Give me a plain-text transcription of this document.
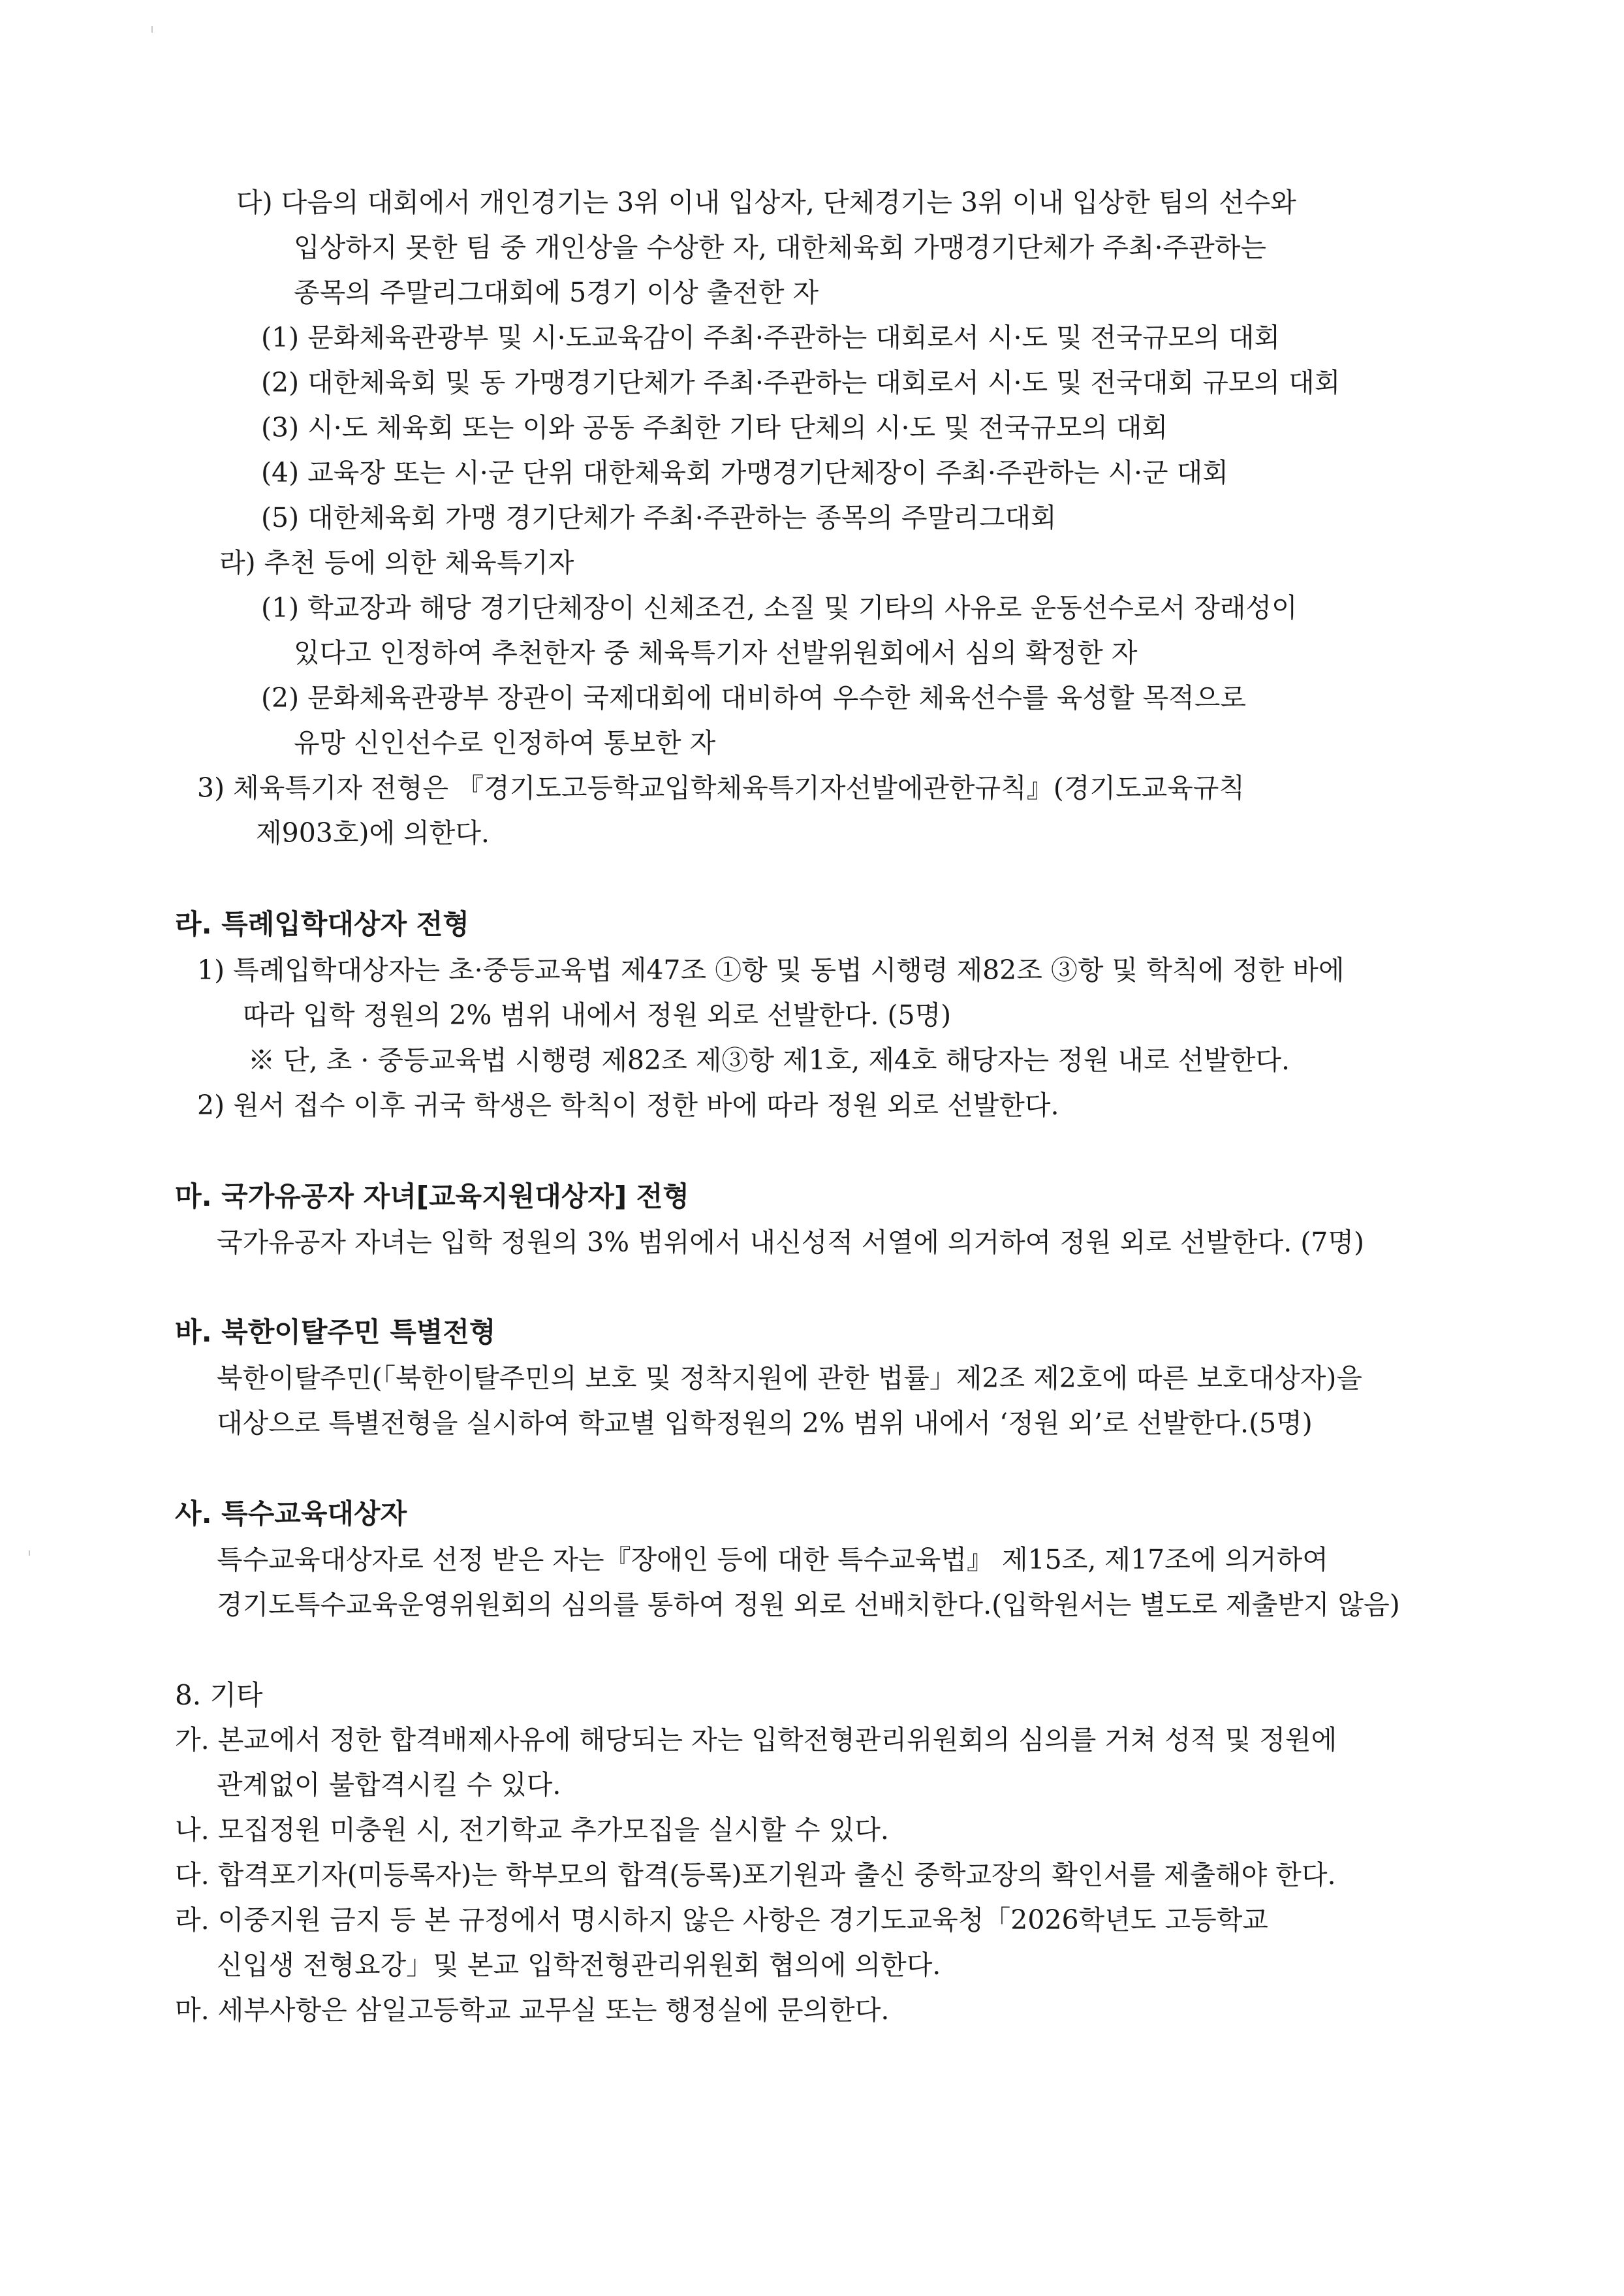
다) 다음의 대회에서 개인경기는 3위 이내 입상자, 단체경기는 3위 이내 입상한 팀의 선수와
입상하지 못한 팀 중 개인상을 수상한 자, 대한체육회 가맹경기단체가 주최·주관하는
종목의 주말리그대회에 5경기 이상 출전한 자
(1) 문화체육관광부 및 시·도교육감이 주최·주관하는 대회로서 시·도 및 전국규모의 대회
(2) 대한체육회 및 동 가맹경기단체가 주최·주관하는 대회로서 시·도 및 전국대회 규모의 대회
(3) 시·도 체육회 또는 이와 공동 주최한 기타 단체의 시·도 및 전국규모의 대회
(4) 교육장 또는 시·군 단위 대한체육회 가맹경기단체장이 주최·주관하는 시·군 대회
(5) 대한체육회 가맹 경기단체가 주최·주관하는 종목의 주말리그대회
라) 추천 등에 의한 체육특기자
(1) 학교장과 해당 경기단체장이 신체조건, 소질 및 기타의 사유로 운동선수로서 장래성이
있다고 인정하여 추천한자 중 체육특기자 선발위원회에서 심의 확정한 자
(2) 문화체육관광부 장관이 국제대회에 대비하여 우수한 체육선수를 육성할 목적으로
유망 신인선수로 인정하여 통보한 자
3) 체육특기자 전형은 『경기도고등학교입학체육특기자선발에관한규칙』(경기도교육규칙
제903호)에 의한다.
라. 특례입학대상자 전형
1) 특례입학대상자는 초·중등교육법 제47조 ①항 및 동법 시행령 제82조 ③항 및 학칙에 정한 바에
따라 입학 정원의 2% 범위 내에서 정원 외로 선발한다. (5명)
※ 단, 초 · 중등교육법 시행령 제82조 제③항 제1호, 제4호 해당자는 정원 내로 선발한다.
2) 원서 접수 이후 귀국 학생은 학칙이 정한 바에 따라 정원 외로 선발한다.
마. 국가유공자 자녀[교육지원대상자] 전형
국가유공자 자녀는 입학 정원의 3% 범위에서 내신성적 서열에 의거하여 정원 외로 선발한다. (7명)
바. 북한이탈주민 특별전형
북한이탈주민(「북한이탈주민의 보호 및 정착지원에 관한 법률」제2조 제2호에 따른 보호대상자)을
대상으로 특별전형을 실시하여 학교별 입학정원의 2% 범위 내에서 ‘정원 외’로 선발한다.(5명)
사. 특수교육대상자
특수교육대상자로 선정 받은 자는『장애인 등에 대한 특수교육법』 제15조, 제17조에 의거하여
경기도특수교육운영위원회의 심의를 통하여 정원 외로 선배치한다.(입학원서는 별도로 제출받지 않음)
8. 기타
가. 본교에서 정한 합격배제사유에 해당되는 자는 입학전형관리위원회의 심의를 거쳐 성적 및 정원에
관계없이 불합격시킬 수 있다.
나. 모집정원 미충원 시, 전기학교 추가모집을 실시할 수 있다.
다. 합격포기자(미등록자)는 학부모의 합격(등록)포기원과 출신 중학교장의 확인서를 제출해야 한다.
라. 이중지원 금지 등 본 규정에서 명시하지 않은 사항은 경기도교육청「2026학년도 고등학교
신입생 전형요강」및 본교 입학전형관리위원회 협의에 의한다.
마. 세부사항은 삼일고등학교 교무실 또는 행정실에 문의한다.
